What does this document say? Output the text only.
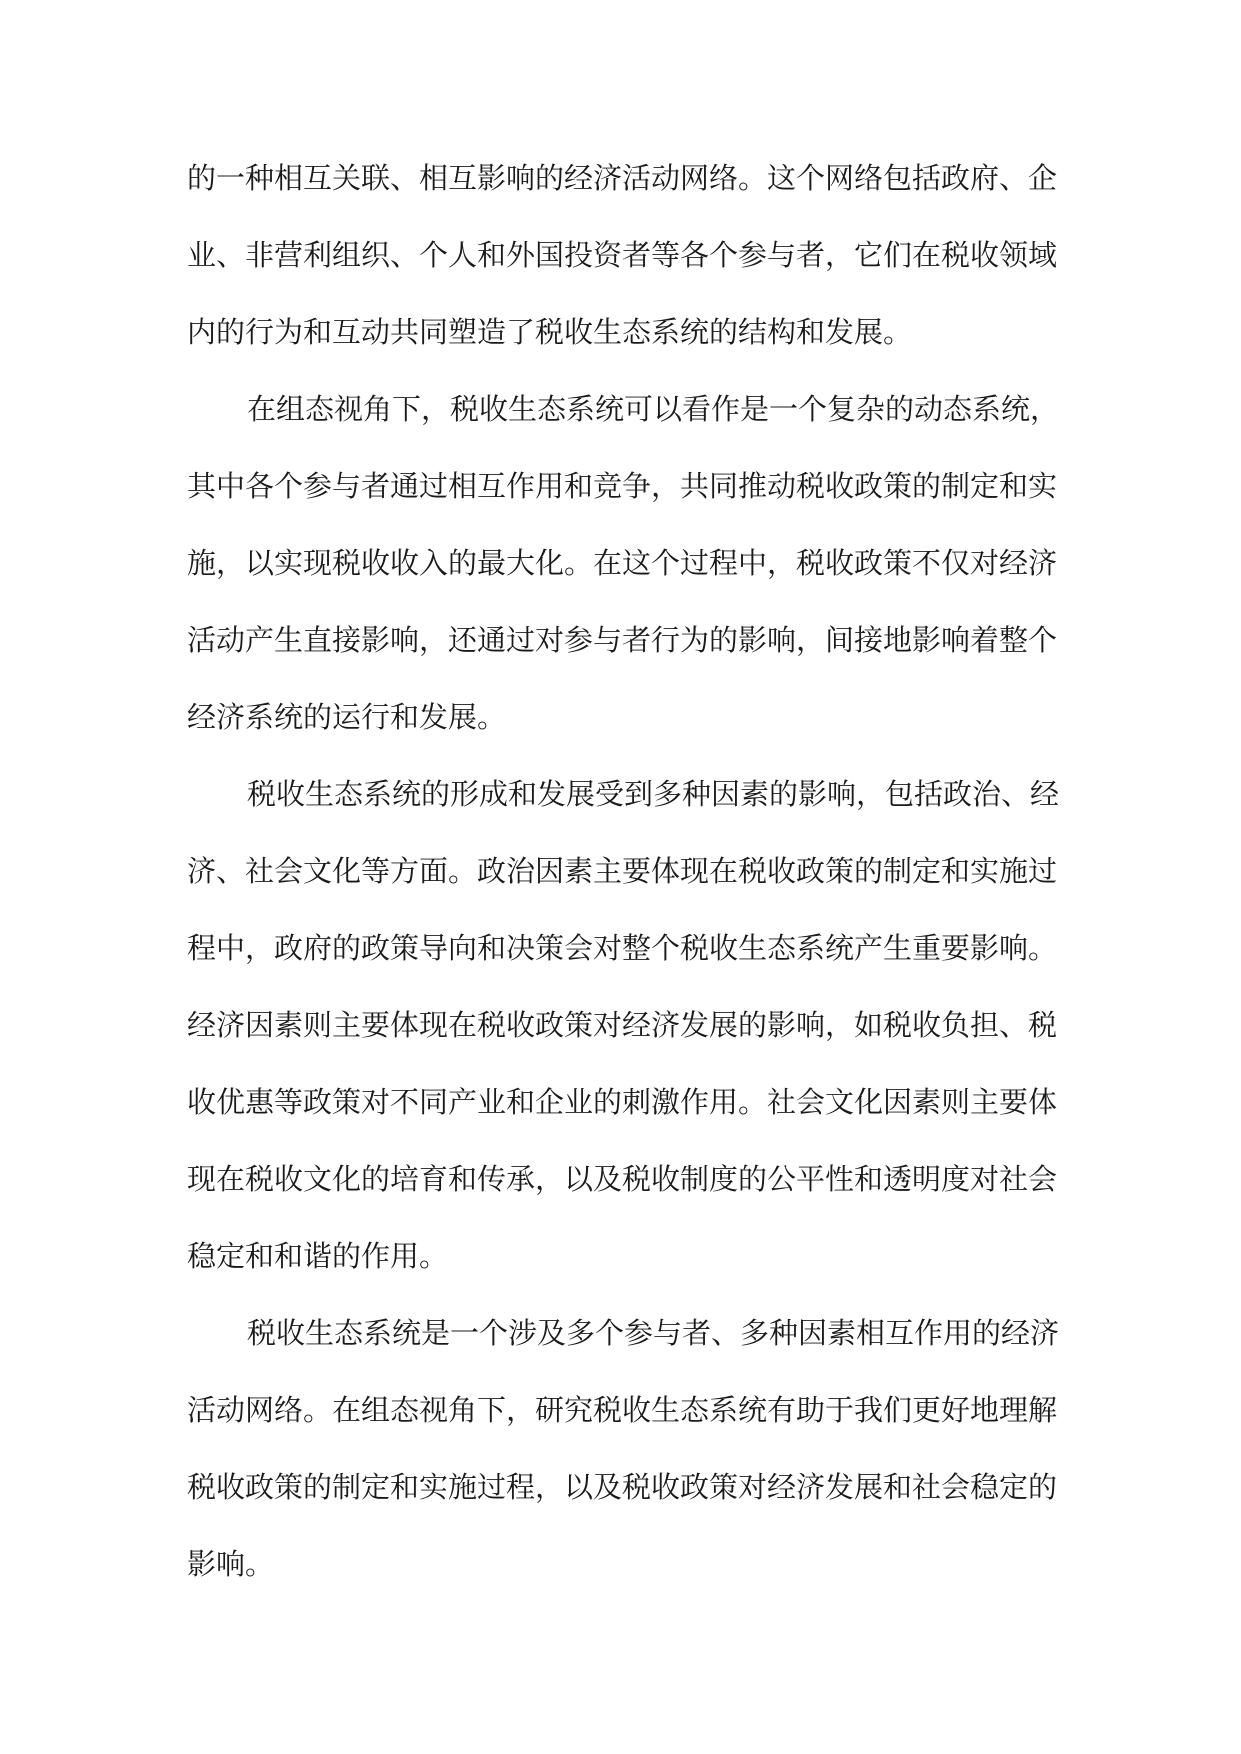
的一种相互关联、相互影响的经济活动网络。这个网络包括政府、企
业、非营利组织、个人和外国投资者等各个参与者，它们在税收领域
内的行为和互动共同塑造了税收生态系统的结构和发展。
在组态视角下，税收生态系统可以看作是一个复杂的动态系统，
其中各个参与者通过相互作用和竞争，共同推动税收政策的制定和实
施，以实现税收收入的最大化。在这个过程中，税收政策不仅对经济
活动产生直接影响，还通过对参与者行为的影响，间接地影响着整个
经济系统的运行和发展。
税收生态系统的形成和发展受到多种因素的影响，包括政治、经
济、社会文化等方面。政治因素主要体现在税收政策的制定和实施过
程中，政府的政策导向和决策会对整个税收生态系统产生重要影响。
经济因素则主要体现在税收政策对经济发展的影响，如税收负担、税
收优惠等政策对不同产业和企业的刺激作用。社会文化因素则主要体
现在税收文化的培育和传承，以及税收制度的公平性和透明度对社会
稳定和和谐的作用。
税收生态系统是一个涉及多个参与者、多种因素相互作用的经济
活动网络。在组态视角下，研究税收生态系统有助于我们更好地理解
税收政策的制定和实施过程，以及税收政策对经济发展和社会稳定的
影响。
